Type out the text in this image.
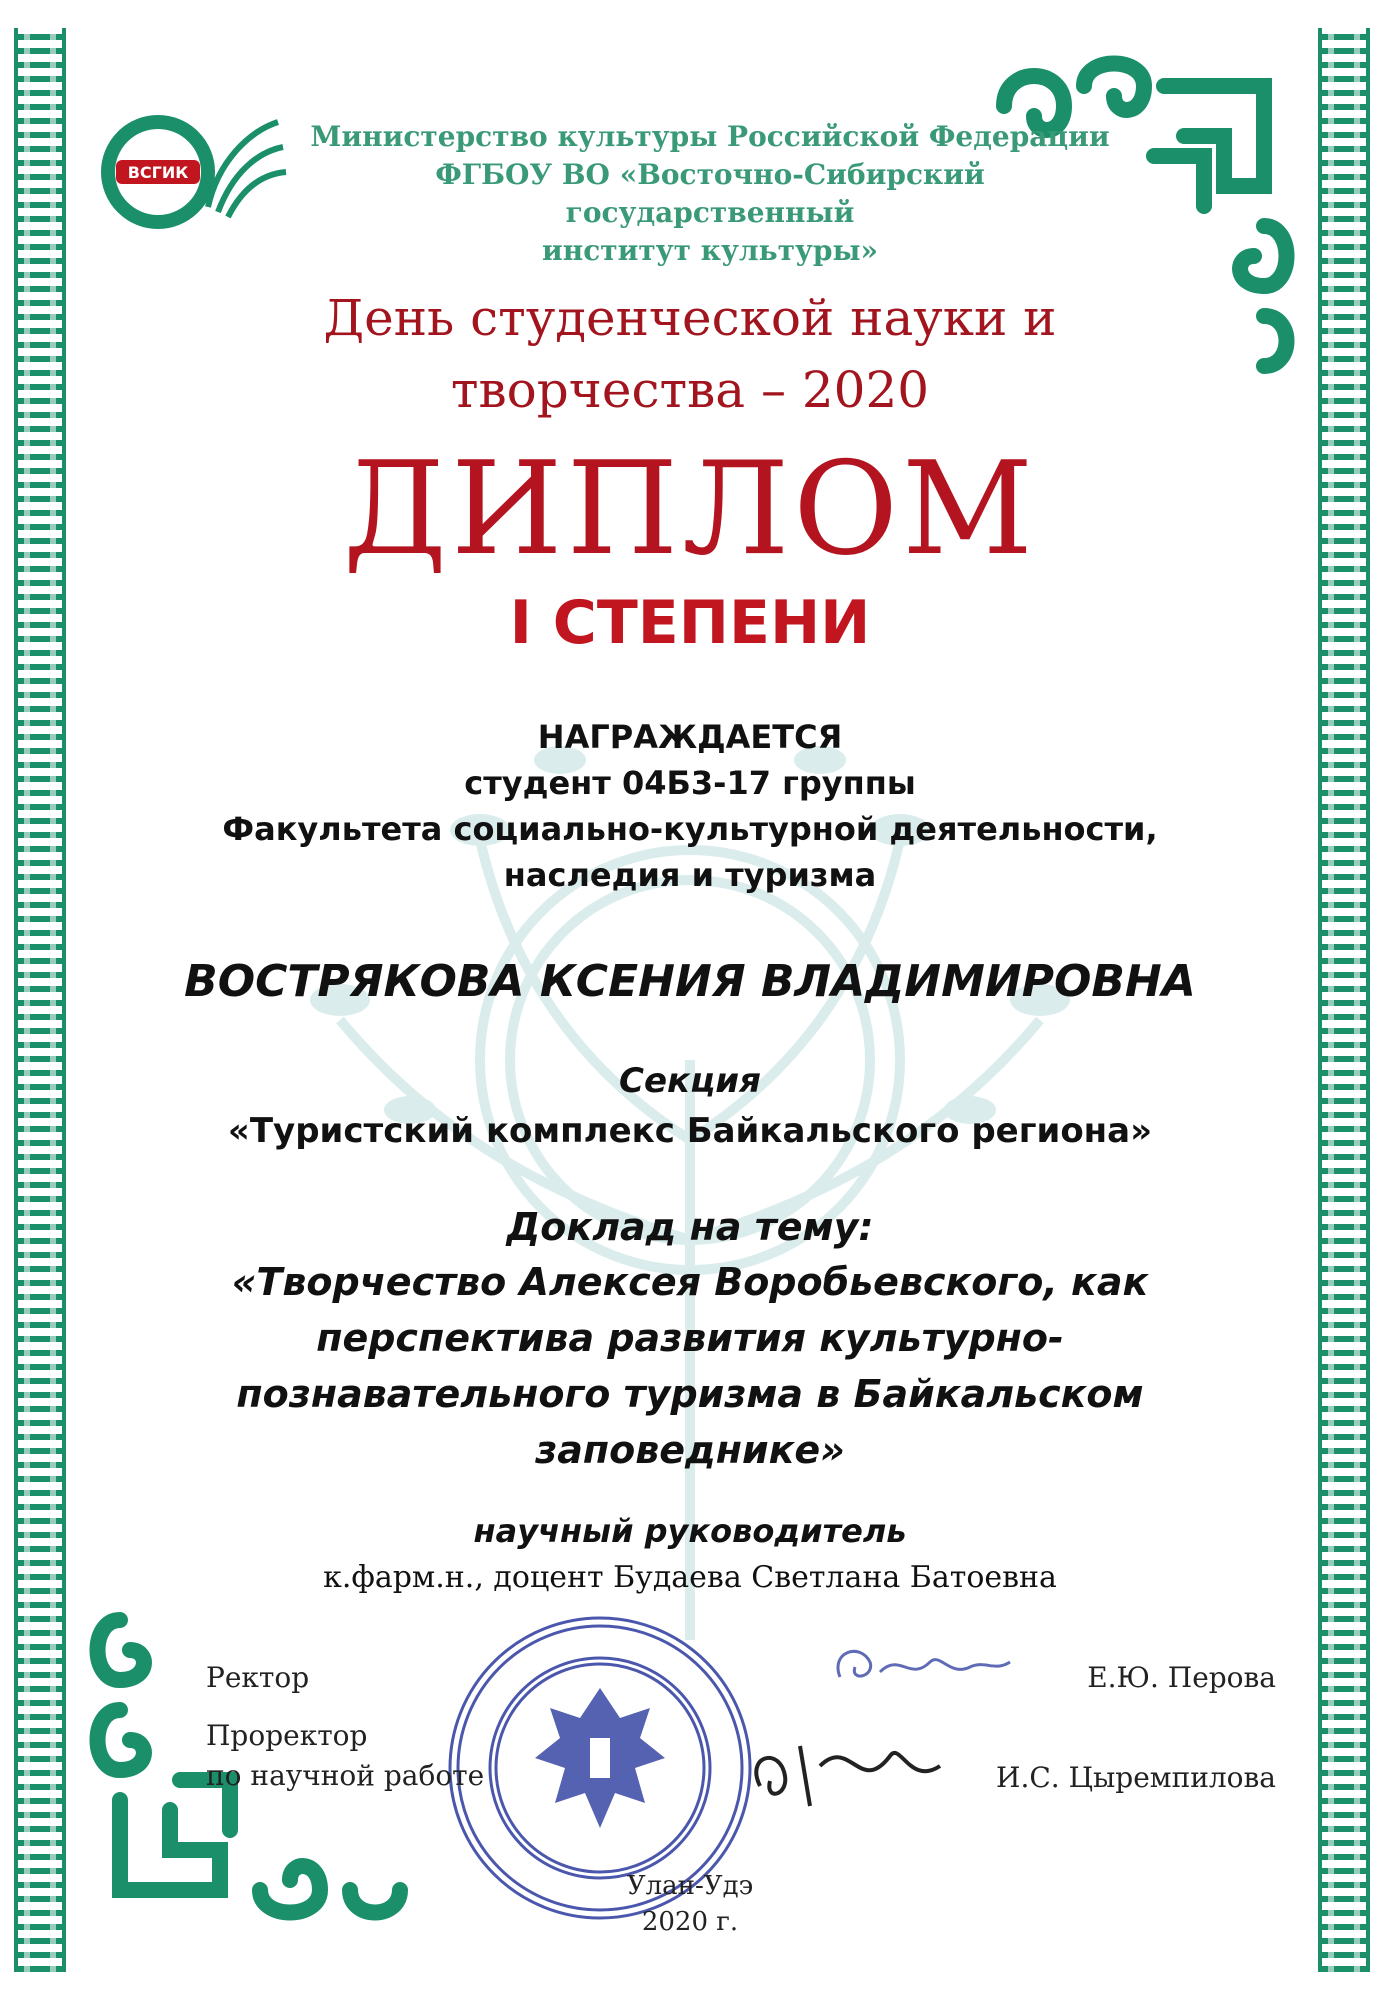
ВСГИК
Министерство культуры Российской Федерации
ФГБОУ ВО «Восточно-Сибирский государственный
институт культуры»
День студенческой науки и
творчества – 2020
ДИПЛОМ
I СТЕПЕНИ
НАГРАЖДАЕТСЯ
студент 04Б3-17 группы
Факультета социально-культурной деятельности,
наследия и туризма
ВОСТРЯКОВА КСЕНИЯ ВЛАДИМИРОВНА
Секция
«Туристский комплекс Байкальского региона»
Доклад на тему:
«Творчество Алексея Воробьевского, как
перспектива развития культурно-
познавательного туризма в Байкальском
заповеднике»
научный руководитель
к.фарм.н., доцент Будаева Светлана Батоевна
Ректор
Проректор
по научной работе
Е.Ю. Перова
И.С. Цыремпилова
Улан-Удэ
2020 г.
